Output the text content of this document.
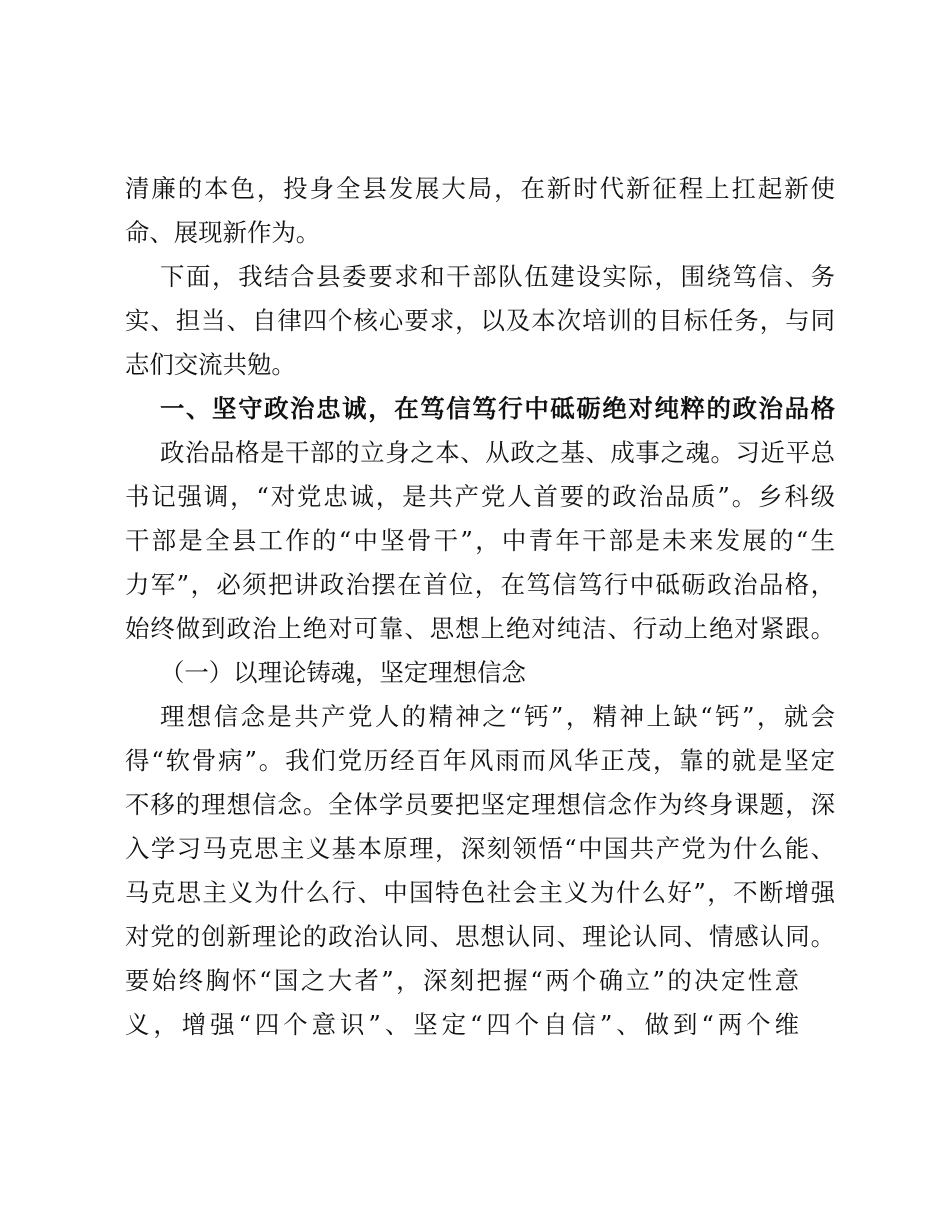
清廉的本色，投身全县发展大局，在新时代新征程上扛起新使
命、展现新作为。
下面，我结合县委要求和干部队伍建设实际，围绕笃信、务
实、担当、自律四个核心要求，以及本次培训的目标任务，与同
志们交流共勉。
一、坚守政治忠诚，在笃信笃行中砥砺绝对纯粹的政治品格
政治品格是干部的立身之本、从政之基、成事之魂。习近平总
书记强调，“对党忠诚，是共产党人首要的政治品质”。乡科级
干部是全县工作的“中坚骨干”，中青年干部是未来发展的“生
力军”，必须把讲政治摆在首位，在笃信笃行中砥砺政治品格，
始终做到政治上绝对可靠、思想上绝对纯洁、行动上绝对紧跟。
（一）以理论铸魂，坚定理想信念
理想信念是共产党人的精神之“钙”，精神上缺“钙”，就会
得“软骨病”。我们党历经百年风雨而风华正茂，靠的就是坚定
不移的理想信念。全体学员要把坚定理想信念作为终身课题，深
入学习马克思主义基本原理，深刻领悟“中国共产党为什么能、
马克思主义为什么行、中国特色社会主义为什么好”，不断增强
对党的创新理论的政治认同、思想认同、理论认同、情感认同。
要始终胸怀“国之大者”，深刻把握“两个确立”的决定性意
义，增强“四个意识”、坚定“四个自信”、做到“两个维
